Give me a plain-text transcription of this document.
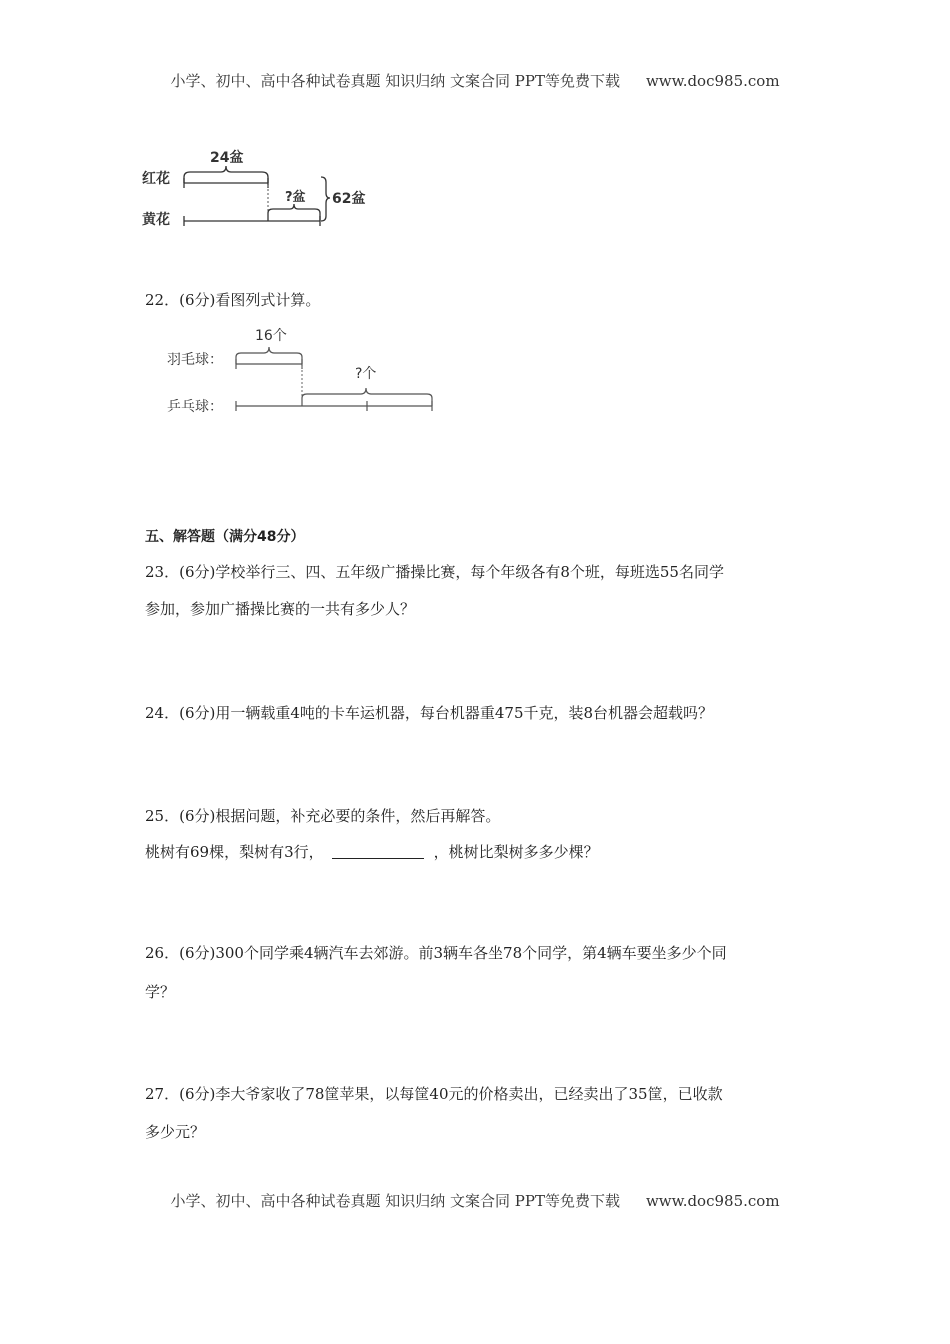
小学、初中、高中各种试卷真题 知识归纳 文案合同 PPT等免费下载 www.doc985.com
24盆
红花
?盆
黄花
62盆
22．(6分)看图列式计算。
16个
羽毛球：
?个
乒乓球：
五、解答题（满分48分）
23．(6分)学校举行三、四、五年级广播操比赛，每个年级各有8个班，每班选55名同学
参加，参加广播操比赛的一共有多少人？
24．(6分)用一辆载重4吨的卡车运机器，每台机器重475千克，装8台机器会超载吗？
25．(6分)根据问题，补充必要的条件，然后再解答。
桃树有69棵，梨树有3行，	，桃树比梨树多多少棵？
26．(6分)300个同学乘4辆汽车去郊游。前3辆车各坐78个同学，第4辆车要坐多少个同
学？
27．(6分)李大爷家收了78筐苹果，以每筐40元的价格卖出，已经卖出了35筐，已收款
多少元？
小学、初中、高中各种试卷真题 知识归纳 文案合同 PPT等免费下载 www.doc985.com
